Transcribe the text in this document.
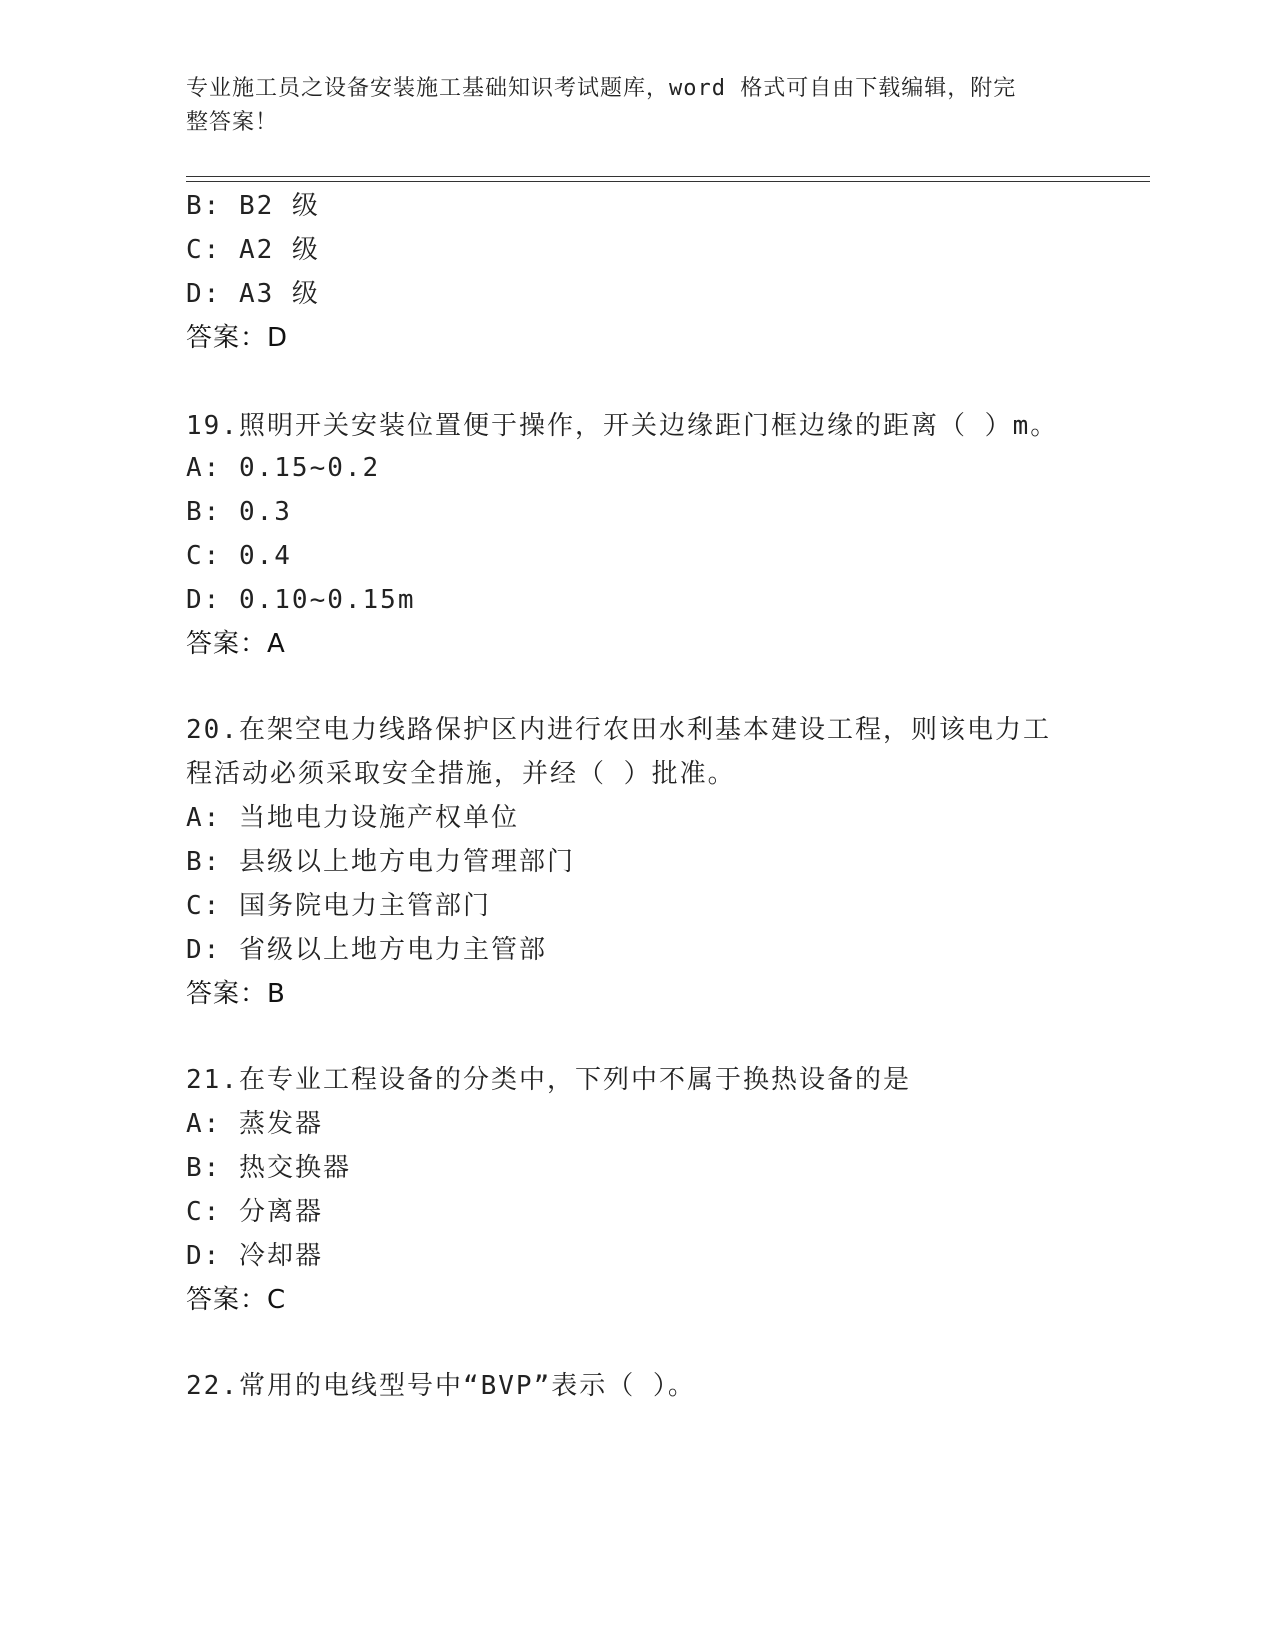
专业施工员之设备安装施工基础知识考试题库，word 格式可自由下载编辑，附完
整答案！
B: B2 级
C: A2 级
D: A3 级
答案：D
19.照明开关安装位置便于操作，开关边缘距门框边缘的距离（ ）m。
A: 0.15~0.2
B: 0.3
C: 0.4
D: 0.10~0.15m
答案：A
20.在架空电力线路保护区内进行农田水利基本建设工程，则该电力工
程活动必须采取安全措施，并经（ ）批准。
A: 当地电力设施产权单位
B: 县级以上地方电力管理部门
C: 国务院电力主管部门
D: 省级以上地方电力主管部
答案：B
21.在专业工程设备的分类中，下列中不属于换热设备的是
A: 蒸发器
B: 热交换器
C: 分离器
D: 冷却器
答案：C
22.常用的电线型号中“BVP”表示（ ）。
